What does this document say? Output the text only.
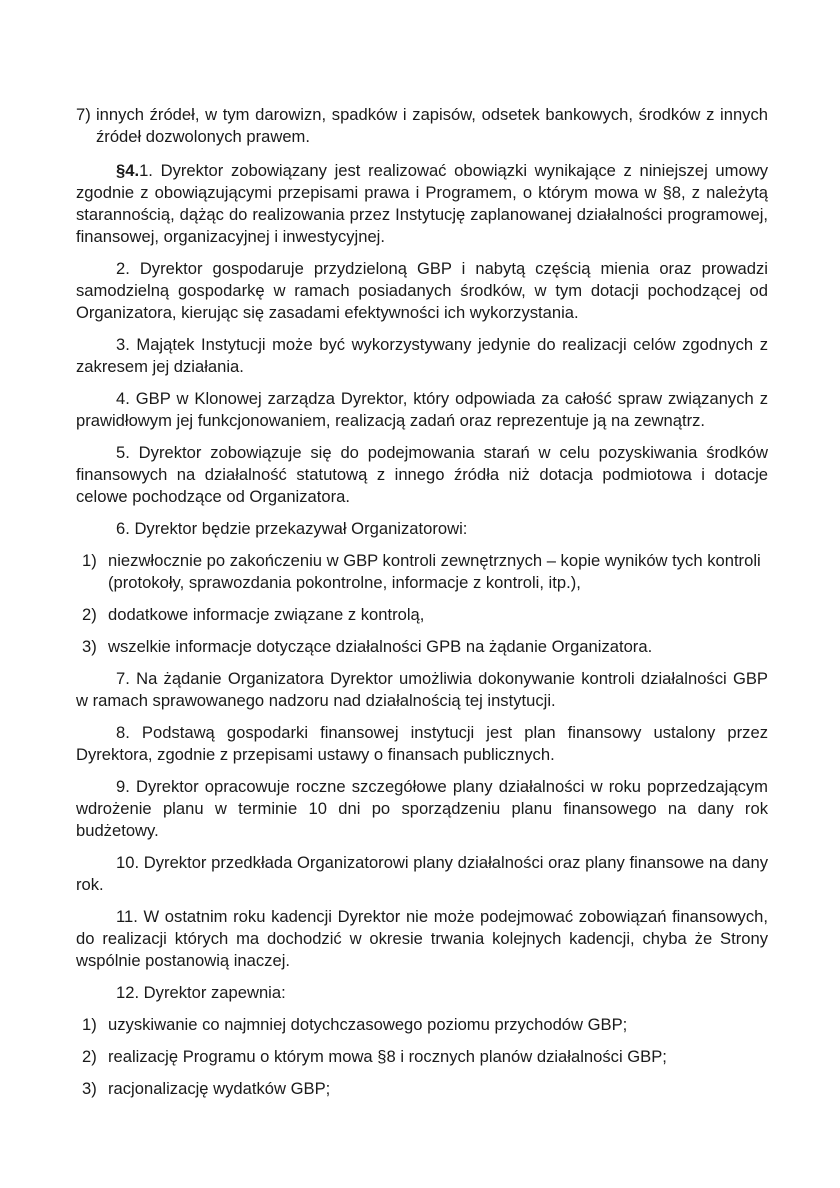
7) innych źródeł, w tym darowizn, spadków i zapisów, odsetek bankowych, środków z innych źródeł dozwolonych prawem.

§4.1. Dyrektor zobowiązany jest realizować obowiązki wynikające z niniejszej umowy zgodnie z obowiązującymi przepisami prawa i Programem, o którym mowa w §8, z należytą starannością, dążąc do realizowania przez Instytucję zaplanowanej działalności programowej, finansowej, organizacyjnej i inwestycyjnej.

2. Dyrektor gospodaruje przydzieloną GBP i nabytą częścią mienia oraz prowadzi samodzielną gospodarkę w ramach posiadanych środków, w tym dotacji pochodzącej od Organizatora, kierując się zasadami efektywności ich wykorzystania.

3. Majątek Instytucji może być wykorzystywany jedynie do realizacji celów zgodnych z zakresem jej działania.

4. GBP w Klonowej zarządza Dyrektor, który odpowiada za całość spraw związanych z prawidłowym jej funkcjonowaniem, realizacją zadań oraz reprezentuje ją na zewnątrz.

5. Dyrektor zobowiązuje się do podejmowania starań w celu pozyskiwania środków finansowych na działalność statutową z innego źródła niż dotacja podmiotowa i dotacje celowe pochodzące od Organizatora.

6. Dyrektor będzie przekazywał Organizatorowi:

1) niezwłocznie po zakończeniu w GBP kontroli zewnętrznych – kopie wyników tych kontroli (protokoły, sprawozdania pokontrolne, informacje z kontroli, itp.),
2) dodatkowe informacje związane z kontrolą,
3) wszelkie informacje dotyczące działalności GPB na żądanie Organizatora.

7. Na żądanie Organizatora Dyrektor umożliwia dokonywanie kontroli działalności GBP w ramach sprawowanego nadzoru nad działalnością tej instytucji.

8. Podstawą gospodarki finansowej instytucji jest plan finansowy ustalony przez Dyrektora, zgodnie z przepisami ustawy o finansach publicznych.

9. Dyrektor opracowuje roczne szczegółowe plany działalności w roku poprzedzającym wdrożenie planu w terminie 10 dni po sporządzeniu planu finansowego na dany rok budżetowy.

10. Dyrektor przedkłada Organizatorowi plany działalności oraz plany finansowe na dany rok.

11. W ostatnim roku kadencji Dyrektor nie może podejmować zobowiązań finansowych, do realizacji których ma dochodzić w okresie trwania kolejnych kadencji, chyba że Strony wspólnie postanowią inaczej.

12. Dyrektor zapewnia:

1) uzyskiwanie co najmniej dotychczasowego poziomu przychodów GBP;
2) realizację Programu o którym mowa §8 i rocznych planów działalności GBP;
3) racjonalizację wydatków GBP;
